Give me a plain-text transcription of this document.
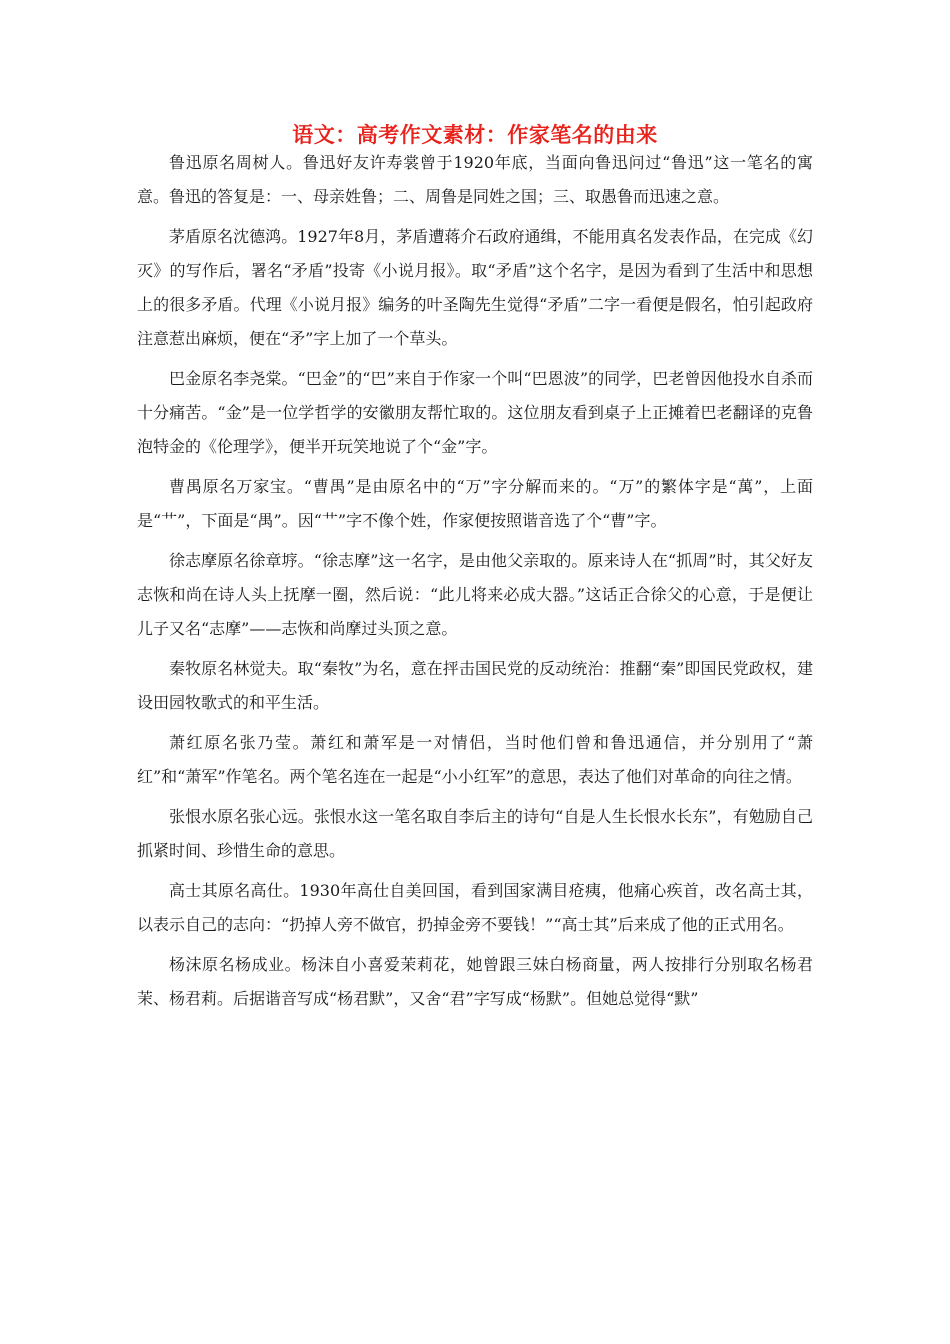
语文：高考作文素材：作家笔名的由来

鲁迅原名周树人。鲁迅好友许寿裳曾于1920年底，当面向鲁迅问过“鲁迅”这一笔名的寓意。鲁迅的答复是：一、母亲姓鲁；二、周鲁是同姓之国；三、取愚鲁而迅速之意。

茅盾原名沈德鸿。1927年8月，茅盾遭蒋介石政府通缉，不能用真名发表作品，在完成《幻灭》的写作后，署名“矛盾”投寄《小说月报》。取“矛盾”这个名字，是因为看到了生活中和思想上的很多矛盾。代理《小说月报》编务的叶圣陶先生觉得“矛盾”二字一看便是假名，怕引起政府注意惹出麻烦，便在“矛”字上加了一个草头。

巴金原名李尧棠。“巴金”的“巴”来自于作家一个叫“巴恩波”的同学，巴老曾因他投水自杀而十分痛苦。“金”是一位学哲学的安徽朋友帮忙取的。这位朋友看到桌子上正摊着巴老翻译的克鲁泡特金的《伦理学》，便半开玩笑地说了个“金”字。

曹禺原名万家宝。“曹禺”是由原名中的“万”字分解而来的。“万”的繁体字是“萬”，上面是“艹”，下面是“禺”。因“艹”字不像个姓，作家便按照谐音选了个“曹”字。

徐志摩原名徐章垿。“徐志摩”这一名字，是由他父亲取的。原来诗人在“抓周”时，其父好友志恢和尚在诗人头上抚摩一圈，然后说：“此儿将来必成大器。”这话正合徐父的心意，于是便让儿子又名“志摩”——志恢和尚摩过头顶之意。

秦牧原名林觉夫。取“秦牧”为名，意在抨击国民党的反动统治：推翻“秦”即国民党政权，建设田园牧歌式的和平生活。

萧红原名张乃莹。萧红和萧军是一对情侣，当时他们曾和鲁迅通信，并分别用了“萧红”和“萧军”作笔名。两个笔名连在一起是“小小红军”的意思，表达了他们对革命的向往之情。

张恨水原名张心远。张恨水这一笔名取自李后主的诗句“自是人生长恨水长东”，有勉励自己抓紧时间、珍惜生命的意思。

高士其原名高仕。1930年高仕自美回国，看到国家满目疮痍，他痛心疾首，改名高士其，以表示自己的志向：“扔掉人旁不做官，扔掉金旁不要钱！”“高士其”后来成了他的正式用名。

杨沫原名杨成业。杨沫自小喜爱茉莉花，她曾跟三妹白杨商量，两人按排行分别取名杨君茉、杨君莉。后据谐音写成“杨君默”，又舍“君”字写成“杨默”。但她总觉得“默”
